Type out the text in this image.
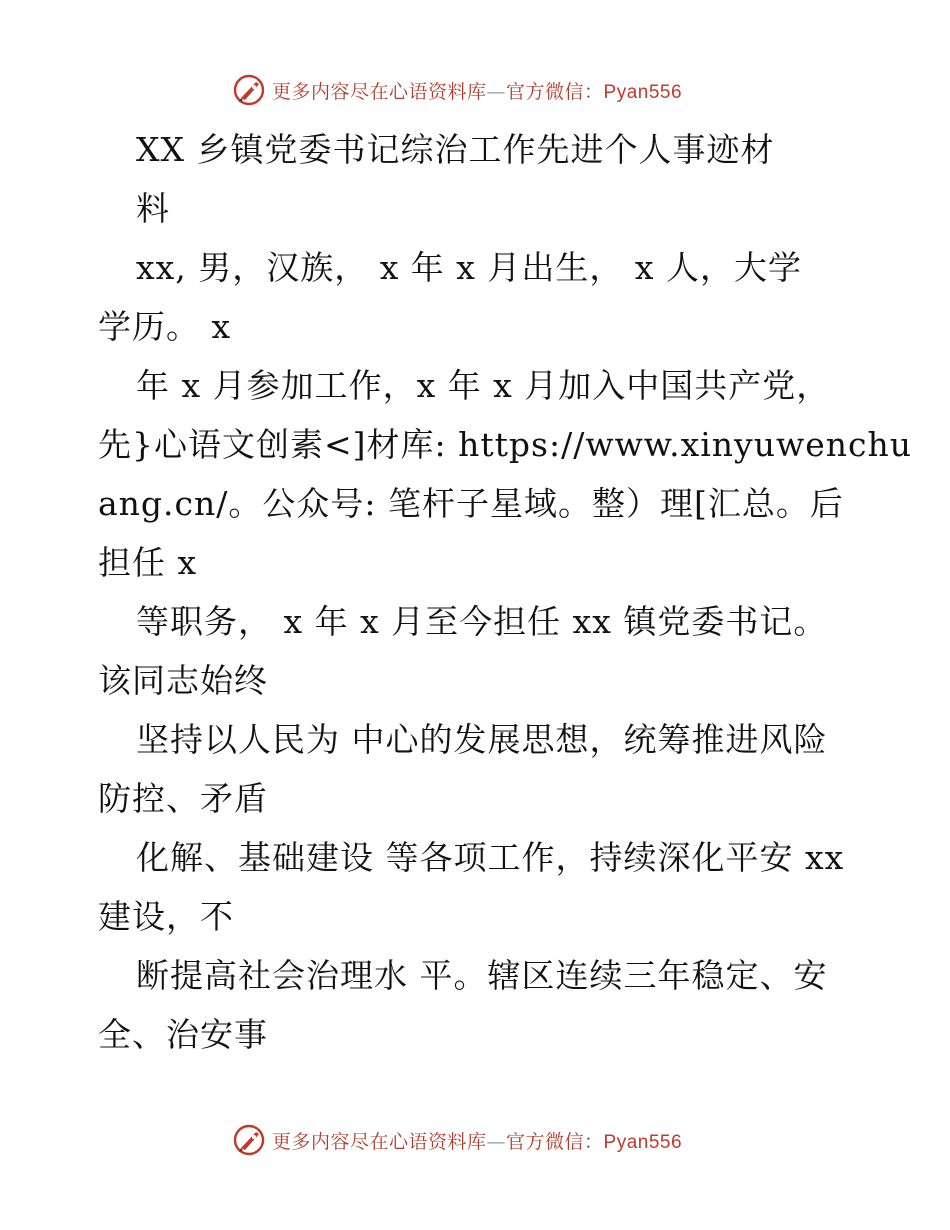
更多内容尽在心语资料库—官方微信：Pyan556
XX 乡镇党委书记综治工作先进个人事迹材
料
xx, 男，汉族， x 年 x 月出生， x 人，大学
学历。 x
年 x 月参加工作，x 年 x 月加入中国共产党，
先}心语文创素<]材库: https://www.xinyuwenchu
ang.cn/。公众号: 笔杆子星域。整）理[汇总。后
担任 x
等职务， x 年 x 月至今担任 xx 镇党委书记。
该同志始终
坚持以人民为 中心的发展思想，统筹推进风险
防控、矛盾
化解、基础建设 等各项工作，持续深化平安 xx
建设，不
断提高社会治理水 平。辖区连续三年稳定、安
全、治安事
更多内容尽在心语资料库—官方微信：Pyan556
